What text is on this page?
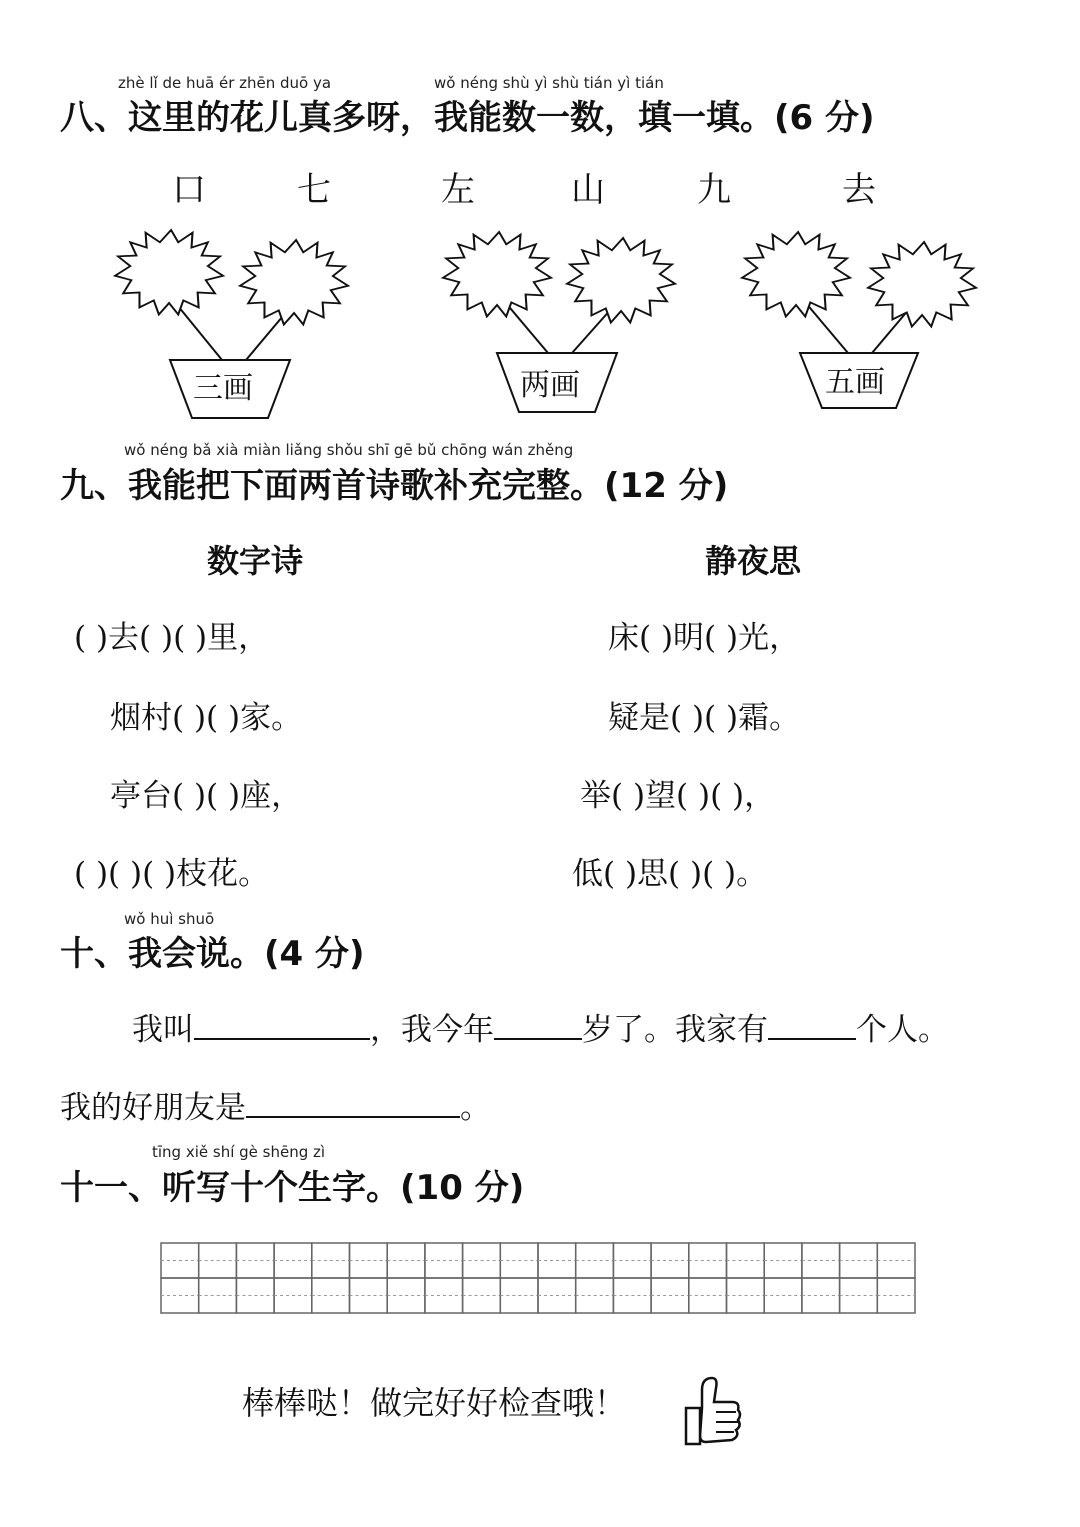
zhè lǐ de huā ér zhēn duō ya	wǒ néng shù yì shù tián yì tián
八、这里的花儿真多呀，我能数一数，填一填。(6 分)
口	七	左	山	九	去
三画	两画	五画
wǒ néng bǎ xià miàn liǎng shǒu shī gē bǔ chōng wán zhěng
九、我能把下面两首诗歌补充完整。(12 分)
数字诗	静夜思
( )去( )( )里，
烟村( )( )家。
亭台( )( )座，
( )( )( )枝花。
床( )明( )光，
疑是( )( )霜。
举( )望( )( )，
低( )思( )( )。
wǒ huì shuō
十、我会说。(4 分)
我叫	，我今年	岁了。我家有	个人。
我的好朋友是	。
tīng xiě shí gè shēng zì
十一、听写十个生字。(10 分)
棒棒哒！做完好好检查哦！
